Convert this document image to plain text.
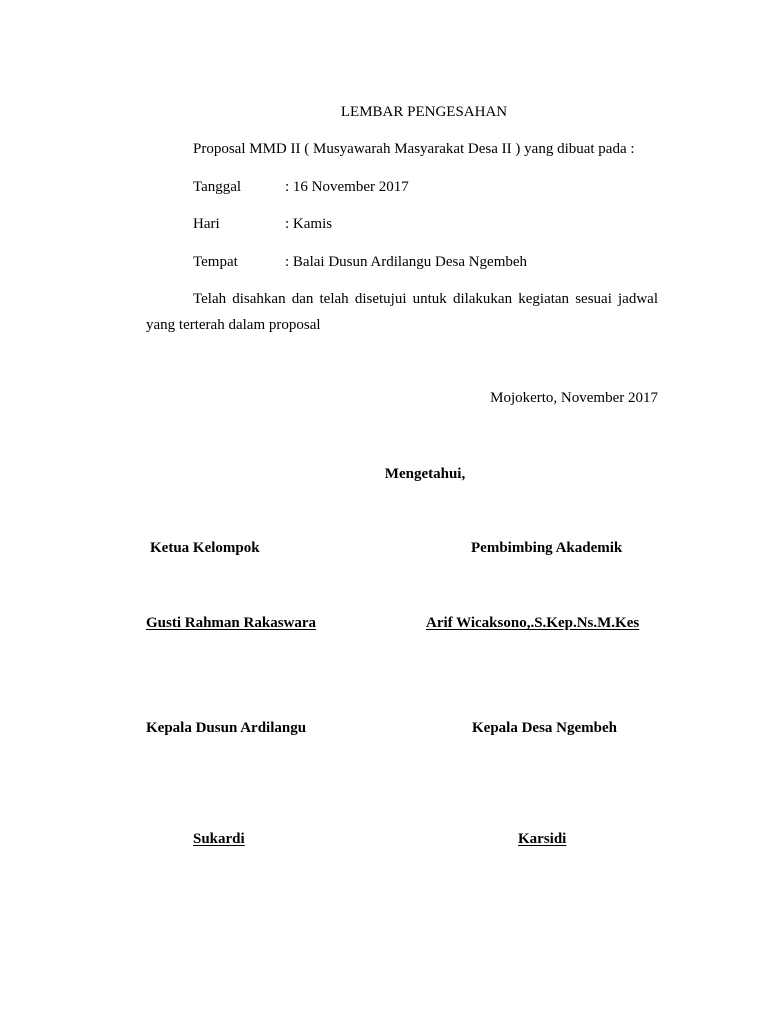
LEMBAR PENGESAHAN
Proposal MMD II ( Musyawarah Masyarakat Desa II ) yang dibuat pada :
Tanggal	: 16 November 2017
Hari	: Kamis
Tempat	: Balai Dusun Ardilangu Desa Ngembeh
Telah disahkan dan telah disetujui untuk dilakukan kegiatan sesuai jadwal
yang terterah dalam proposal
Mojokerto, November 2017
Mengetahui,
Ketua Kelompok	Pembimbing Akademik
Gusti Rahman Rakaswara	Arif Wicaksono,.S.Kep.Ns.M.Kes
Kepala Dusun Ardilangu	Kepala Desa Ngembeh
Sukardi	Karsidi
